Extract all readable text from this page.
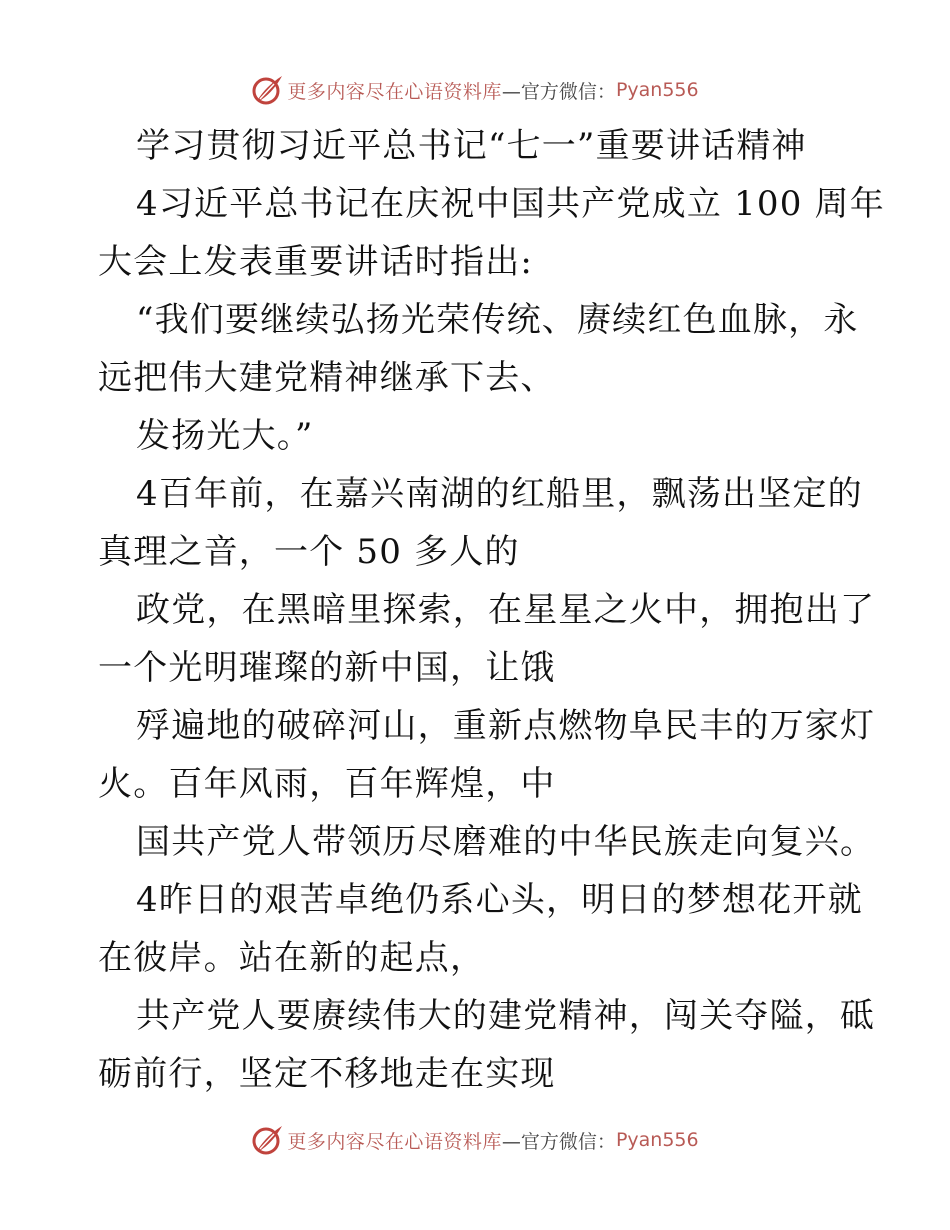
更多内容尽在心语资料库 —官方微信： Pyan556
学习贯彻习近平总书记“七一”重要讲话精神
4习近平总书记在庆祝中国共产党成立 100 周年
大会上发表重要讲话时指出:
“我们要继续弘扬光荣传统、赓续红色血脉，永
远把伟大建党精神继承下去、
发扬光大。”
4百年前，在嘉兴南湖的红船里，飘荡出坚定的
真理之音，一个 50 多人的
政党，在黑暗里探索，在星星之火中，拥抱出了
一个光明璀璨的新中国，让饿
殍遍地的破碎河山，重新点燃物阜民丰的万家灯
火。百年风雨，百年辉煌，中
国共产党人带领历尽磨难的中华民族走向复兴。
4昨日的艰苦卓绝仍系心头，明日的梦想花开就
在彼岸。站在新的起点，
共产党人要赓续伟大的建党精神，闯关夺隘，砥
砺前行，坚定不移地走在实现
更多内容尽在心语资料库 —官方微信： Pyan556
